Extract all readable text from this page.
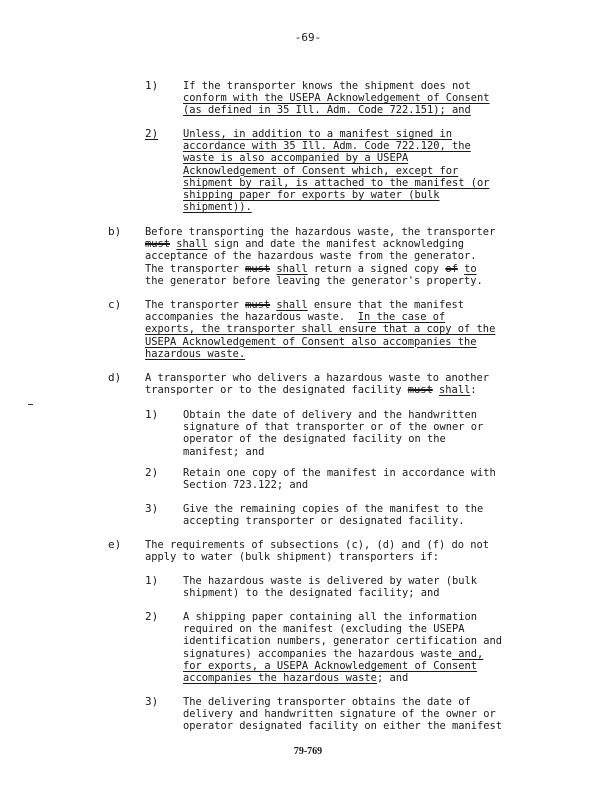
-69-
1) If the transporter knows the shipment does not
conform with the USEPA Acknowledgement of Consent
(as defined in 35 Ill. Adm. Code 722.151); and
2) Unless, in addition to a manifest signed in
accordance with 35 Ill. Adm. Code 722.120, the
waste is also accompanied by a USEPA
Acknowledgement of Consent which, except for
shipment by rail, is attached to the manifest (or
shipping paper for exports by water (bulk
shipment)).
b) Before transporting the hazardous waste, the transporter
must shall sign and date the manifest acknowledging
acceptance of the hazardous waste from the generator.
The transporter must shall return a signed copy of to
the generator before leaving the generator's property.
c) The transporter must shall ensure that the manifest
accompanies the hazardous waste.  In the case of
exports, the transporter shall ensure that a copy of the
USEPA Acknowledgement of Consent also accompanies the
hazardous waste.
d) A transporter who delivers a hazardous waste to another
transporter or to the designated facility must shall:
1) Obtain the date of delivery and the handwritten
signature of that transporter or of the owner or
operator of the designated facility on the
manifest; and
2) Retain one copy of the manifest in accordance with
Section 723.122; and
3) Give the remaining copies of the manifest to the
accepting transporter or designated facility.
e) The requirements of subsections (c), (d) and (f) do not
apply to water (bulk shipment) transporters if:
1) The hazardous waste is delivered by water (bulk
shipment) to the designated facility; and
2) A shipping paper containing all the information
required on the manifest (excluding the USEPA
identification numbers, generator certification and
signatures) accompanies the hazardous waste and,
for exports, a USEPA Acknowledgement of Consent
accompanies the hazardous waste; and
3) The delivering transporter obtains the date of
delivery and handwritten signature of the owner or
operator designated facility on either the manifest
79-769
